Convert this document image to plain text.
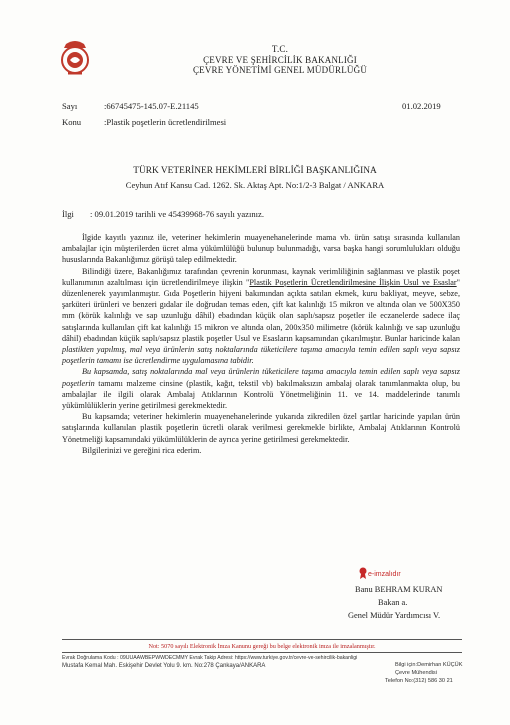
T.C.
ÇEVRE VE ŞEHİRCİLİK BAKANLIĞI
ÇEVRE YÖNETİMİ GENEL MÜDÜRLÜĞÜ
Sayı	:66745475-145.07-E.21145	01.02.2019
Konu	:Plastik poşetlerin ücretlendirilmesi
TÜRK VETERİNER HEKİMLERİ BİRLİĞİ BAŞKANLIĞINA
Ceyhun Atıf Kansu Cad. 1262. Sk. Aktaş Apt. No:1/2-3 Balgat / ANKARA
İlgi : 09.01.2019 tarihli ve 45439968-76 sayılı yazınız.

İlgide kayıtlı yazınız ile, veteriner hekimlerin muayenehanelerinde mama vb. ürün satışı sırasında kullanılan ambalajlar için müşterilerden ücret alma yükümlülüğü bulunup bulunmadığı, varsa başka hangi sorumlulukları olduğu hususlarında Bakanlığımız görüşü talep edilmektedir.

Bilindiği üzere, Bakanlığımız tarafından çevrenin korunması, kaynak verimliliğinin sağlanması ve plastik poşet kullanımının azaltılması için ücretlendirilmeye ilişkin "Plastik Poşetlerin Ücretlendirilmesine İlişkin Usul ve Esaslar" düzenlenerek yayımlanmıştır. Gıda Poşetlerin hijyeni bakımından açıkta satılan ekmek, kuru bakliyat, meyve, sebze, şarküteri ürünleri ve benzeri gıdalar ile doğrudan temas eden, çift kat kalınlığı 15 mikron ve altında olan ve 500X350 mm (körük kalınlığı ve sap uzunluğu dâhil) ebadından küçük olan saplı/sapsız poşetler ile eczanelerde sadece ilaç satışlarında kullanılan çift kat kalınlığı 15 mikron ve altında olan, 200x350 milimetre (körük kalınlığı ve sap uzunluğu dâhil) ebadından küçük saplı/sapsız plastik poşetler Usul ve Esasların kapsamından çıkarılmıştır. Bunlar haricinde kalan plastikten yapılmış, mal veya ürünlerin satış noktalarında tüketicilere taşıma amacıyla temin edilen saplı veya sapsız poşetlerin tamamı ise ücretlendirme uygulamasına tabidir.

Bu kapsamda, satış noktalarında mal veya ürünlerin tüketicilere taşıma amacıyla temin edilen saplı veya sapsız poşetlerin tamamı malzeme cinsine (plastik, kağıt, tekstil vb) bakılmaksızın ambalaj olarak tanımlanmakta olup, bu ambalajlar ile ilgili olarak Ambalaj Atıklarının Kontrolü Yönetmeliğinin 11. ve 14. maddelerinde tanımlı yükümlülüklerin yerine getirilmesi gerekmektedir.

Bu kapsamda; veteriner hekimlerin muayenehanelerinde yukarıda zikredilen özel şartlar haricinde yapılan ürün satışlarında kullanılan plastik poşetlerin ücretli olarak verilmesi gerekmekle birlikte, Ambalaj Atıklarının Kontrolü Yönetmeliği kapsamındaki yükümlülüklerin de ayrıca yerine getirilmesi gerekmektedir.

Bilgilerinizi ve gereğini rica ederim.

e-imzalıdır
Banu BEHRAM KURAN
Bakan a.
Genel Müdür Yardımcısı V.
Not: 5070 sayılı Elektronik İmza Kanunu gereği bu belge elektronik imza ile imzalanmıştır.
Evrak Doğrulama Kodu : 09UUAAWBEPWWDECMMY Evrak Takip Adresi: https://www.turkiye.gov.tr/cevre-ve-sehircilik-bakanligi
Mustafa Kemal Mah. Eskişehir Devlet Yolu 9. km. No:278 Çankaya/ANKARA	Bilgi için:Demirhan KÜÇÜK
Çevre Mühendisi
Telefon No:(312) 586 30 21
